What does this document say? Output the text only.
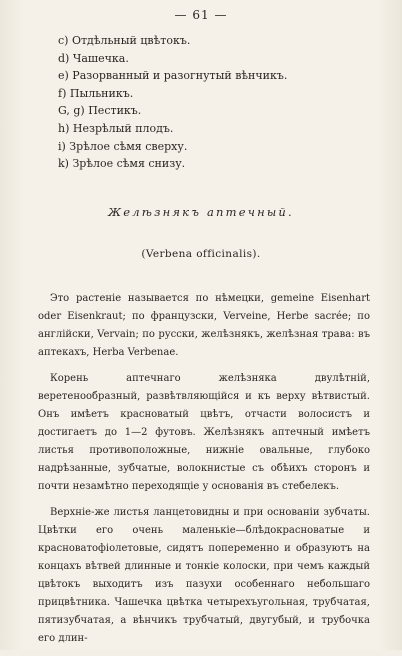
— 61 —
c) Отдѣльный цвѣтокъ.
d) Чашечка.
e) Разорванный и разогнутый вѣнчикъ.
f) Пыльникъ.
G, g) Пестикъ.
h) Незрѣлый плодъ.
i) Зрѣлое сѣмя сверху.
k) Зрѣлое сѣмя снизу.
Желѣзнякъ аптечный.
(Verbena officinalis).

Это растеніе называется по нѣмецки, gemeine Eisenhart oder Eisenkraut; по французски, Verveine, Herbe sacrée; по англійски, Vervain; по русски, желѣзнякъ, желѣзная трава: въ аптекахъ, Herba Verbenae.

Корень аптечнаго желѣзняка двулѣтній, веретенообразный, развѣтвляющійся и къ верху вѣтвистый. Онъ имѣетъ красноватый цвѣтъ, отчасти волосистъ и достигаетъ до 1—2 футовъ. Желѣзнякъ аптечный имѣетъ листья противоположные, нижніе овальные, глубоко надрѣзанные, зубчатые, волокнистые съ обѣихъ сторонъ и почти незамѣтно переходящіе у основанія въ стебелекъ.

Верхніе-же листья ланцетовидны и при основаніи зубчаты. Цвѣтки его очень маленькіе—блѣдокрасноватые и красноватофіолетовые, сидятъ попеременно и образуютъ на концахъ вѣтвей длинные и тонкіе колоски, при чемъ каждый цвѣтокъ выходитъ изъ пазухи особеннаго небольшаго прицвѣтника. Чашечка цвѣтка четырехъугольная, трубчатая, пятизубчатая, а вѣнчикъ трубчатый, двугубый, и трубочка его длин-
